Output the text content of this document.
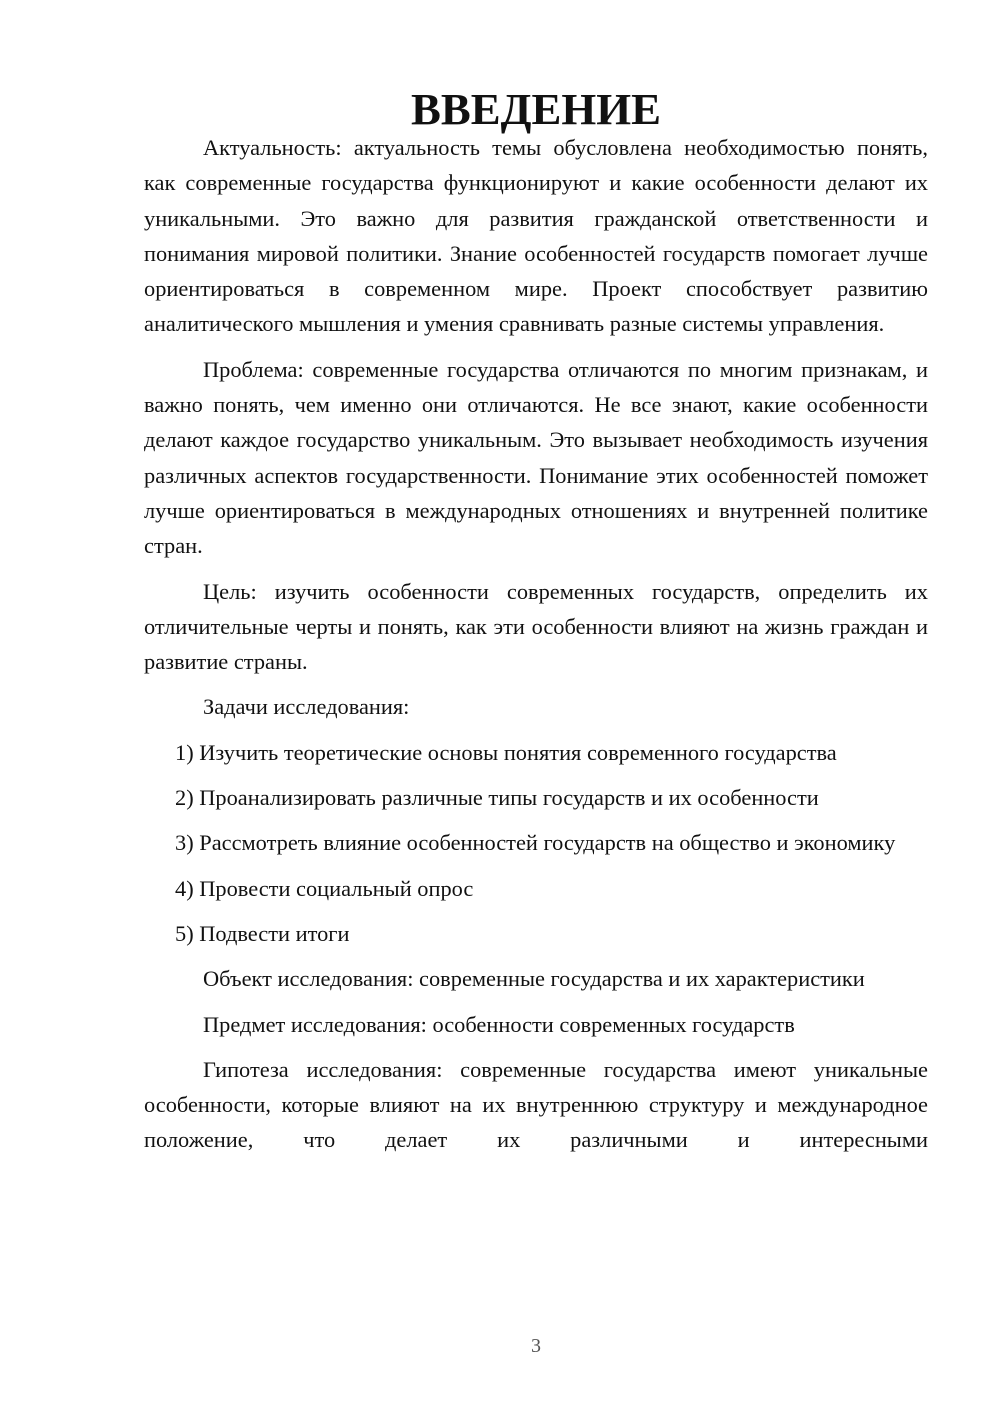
ВВЕДЕНИЕ

Актуальность: актуальность темы обусловлена необходимостью понять, как современные государства функционируют и какие особенности делают их уникальными. Это важно для развития гражданской ответственности и понимания мировой политики. Знание особенностей государств помогает лучше ориентироваться в современном мире. Проект способствует развитию аналитического мышления и умения сравнивать разные системы управления.

Проблема: современные государства отличаются по многим признакам, и важно понять, чем именно они отличаются. Не все знают, какие особенности делают каждое государство уникальным. Это вызывает необходимость изучения различных аспектов государственности. Понимание этих особенностей поможет лучше ориентироваться в международных отношениях и внутренней политике стран.

Цель: изучить особенности современных государств, определить их отличительные черты и понять, как эти особенности влияют на жизнь граждан и развитие страны.

Задачи исследования:

1) Изучить теоретические основы понятия современного государства

2) Проанализировать различные типы государств и их особенности

3) Рассмотреть влияние особенностей государств на общество и экономику

4) Провести социальный опрос

5) Подвести итоги

Объект исследования: современные государства и их характеристики

Предмет исследования: особенности современных государств

Гипотеза исследования: современные государства имеют уникальные особенности, которые влияют на их внутреннюю структуру и международное положение, что делает их различными и интересными

3
